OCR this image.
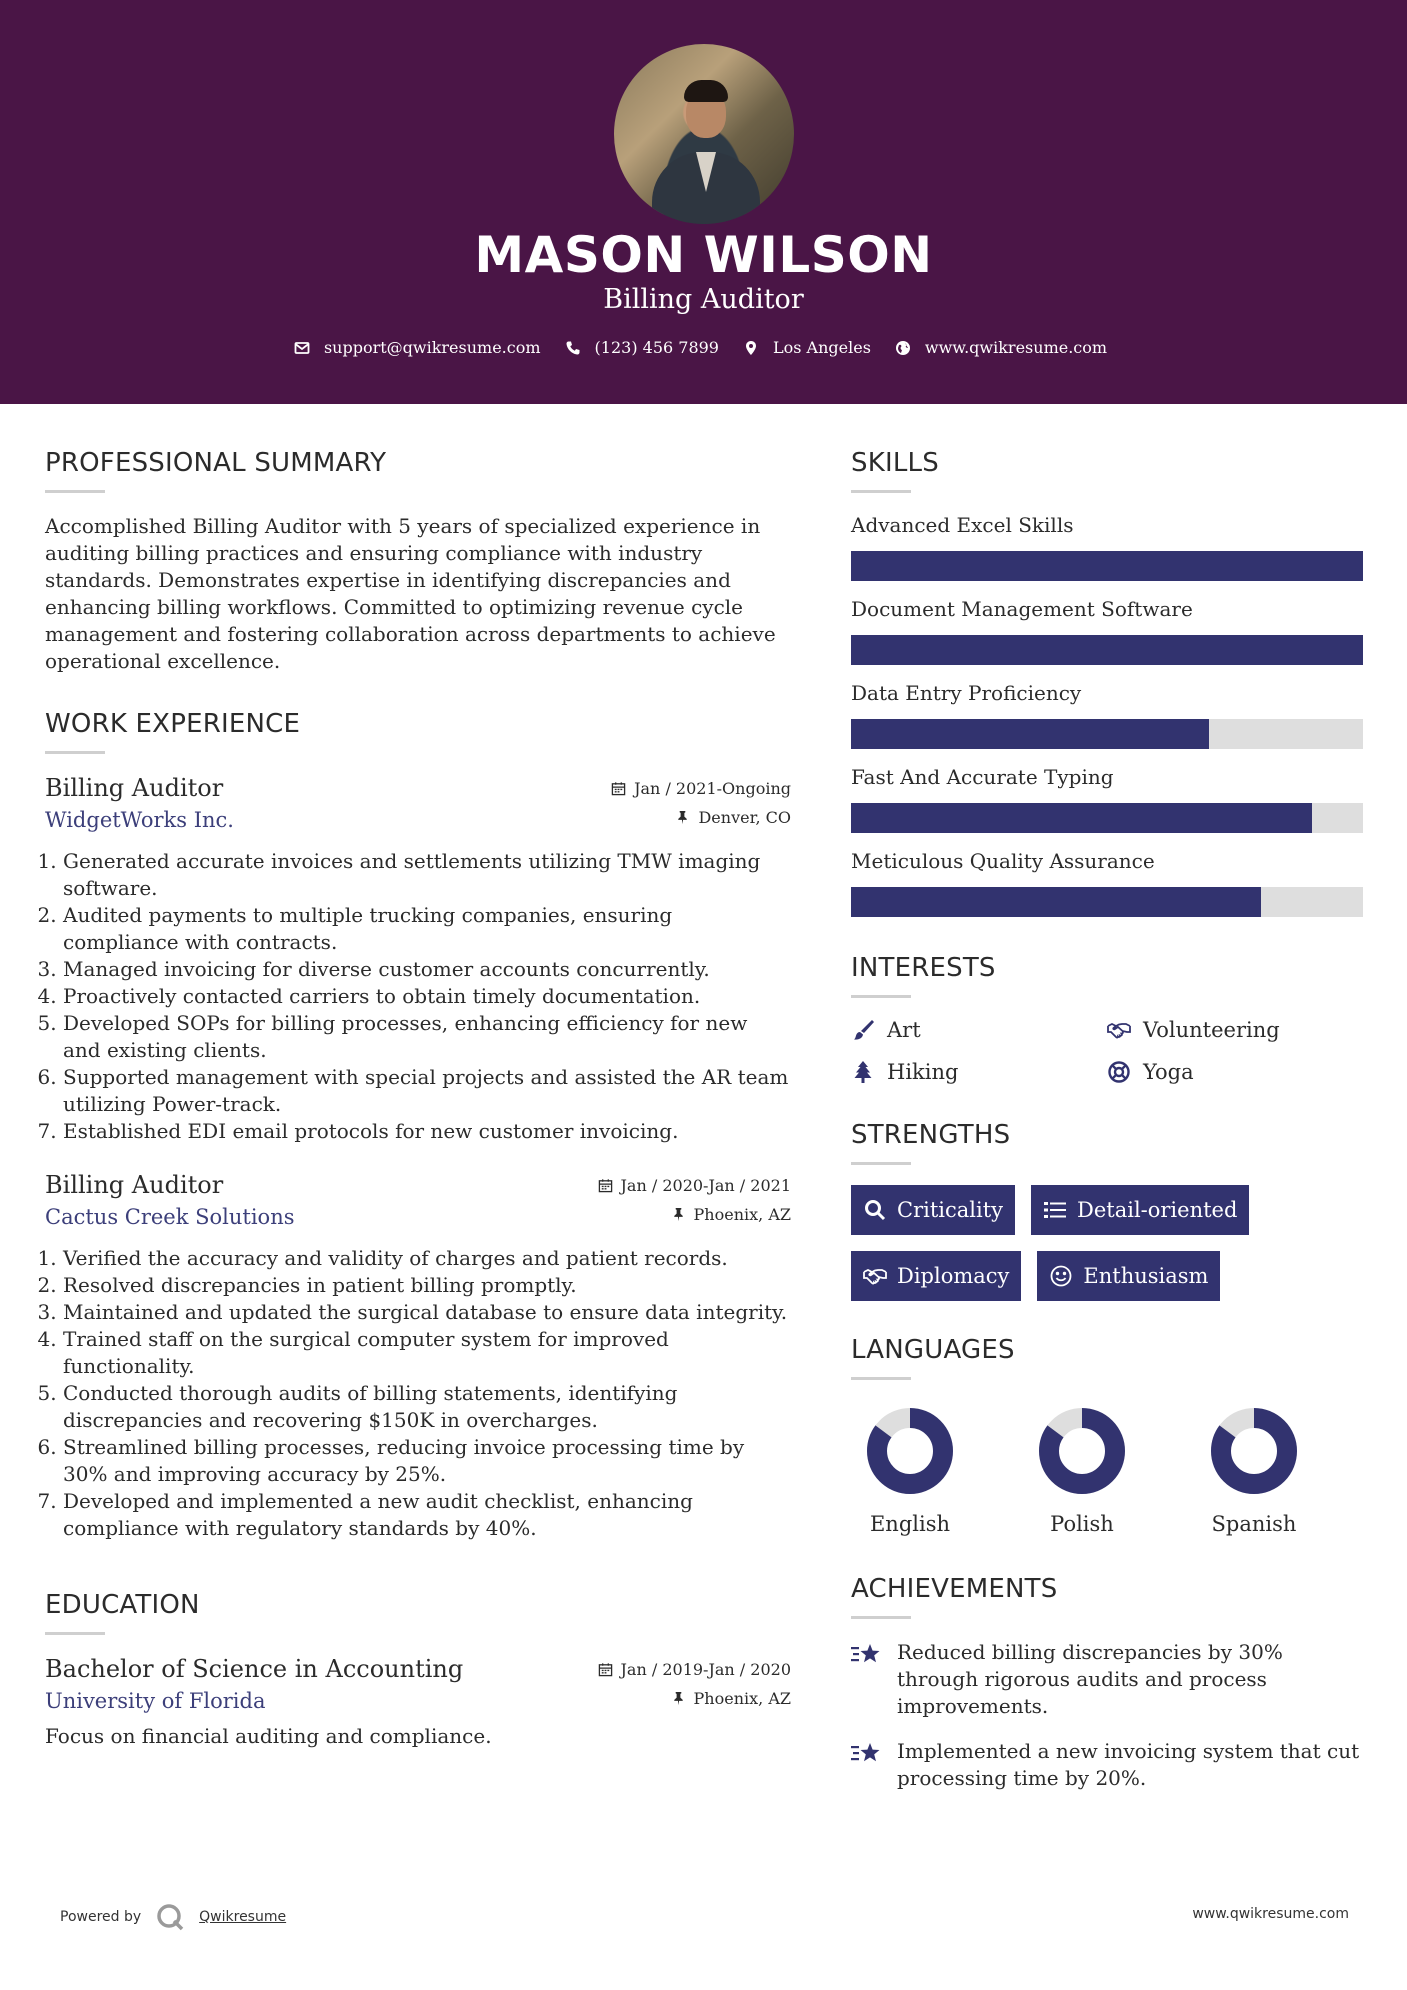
MASON WILSON
Billing Auditor
support@qwikresume.com	(123) 456 7899	Los Angeles	www.qwikresume.com
PROFESSIONAL SUMMARY

Accomplished Billing Auditor with 5 years of specialized experience in auditing billing practices and ensuring compliance with industry standards. Demonstrates expertise in identifying discrepancies and enhancing billing workflows. Committed to optimizing revenue cycle management and fostering collaboration across departments to achieve operational excellence.

WORK EXPERIENCE
Billing Auditor	Jan / 2021-Ongoing
WidgetWorks Inc.	Denver, CO
1. Generated accurate invoices and settlements utilizing TMW imaging software.
2. Audited payments to multiple trucking companies, ensuring compliance with contracts.
3. Managed invoicing for diverse customer accounts concurrently.
4. Proactively contacted carriers to obtain timely documentation.
5. Developed SOPs for billing processes, enhancing efficiency for new and existing clients.
6. Supported management with special projects and assisted the AR team utilizing Power-track.
7. Established EDI email protocols for new customer invoicing.
Billing Auditor	Jan / 2020-Jan / 2021
Cactus Creek Solutions	Phoenix, AZ
1. Verified the accuracy and validity of charges and patient records.
2. Resolved discrepancies in patient billing promptly.
3. Maintained and updated the surgical database to ensure data integrity.
4. Trained staff on the surgical computer system for improved functionality.
5. Conducted thorough audits of billing statements, identifying discrepancies and recovering $150K in overcharges.
6. Streamlined billing processes, reducing invoice processing time by 30% and improving accuracy by 25%.
7. Developed and implemented a new audit checklist, enhancing compliance with regulatory standards by 40%.
EDUCATION
Bachelor of Science in Accounting	Jan / 2019-Jan / 2020
University of Florida	Phoenix, AZ

Focus on financial auditing and compliance.

SKILLS
Advanced Excel Skills
Document Management Software
Data Entry Proficiency
Fast And Accurate Typing
Meticulous Quality Assurance
INTERESTS
Art	Volunteering
Hiking	Yoga
STRENGTHS
Criticality	Detail-oriented
Diplomacy	Enthusiasm
LANGUAGES
English	Polish	Spanish
ACHIEVEMENTS
Reduced billing discrepancies by 30% through rigorous audits and process improvements.
Implemented a new invoicing system that cut processing time by 20%.
Powered by	Qwikresume	www.qwikresume.com
